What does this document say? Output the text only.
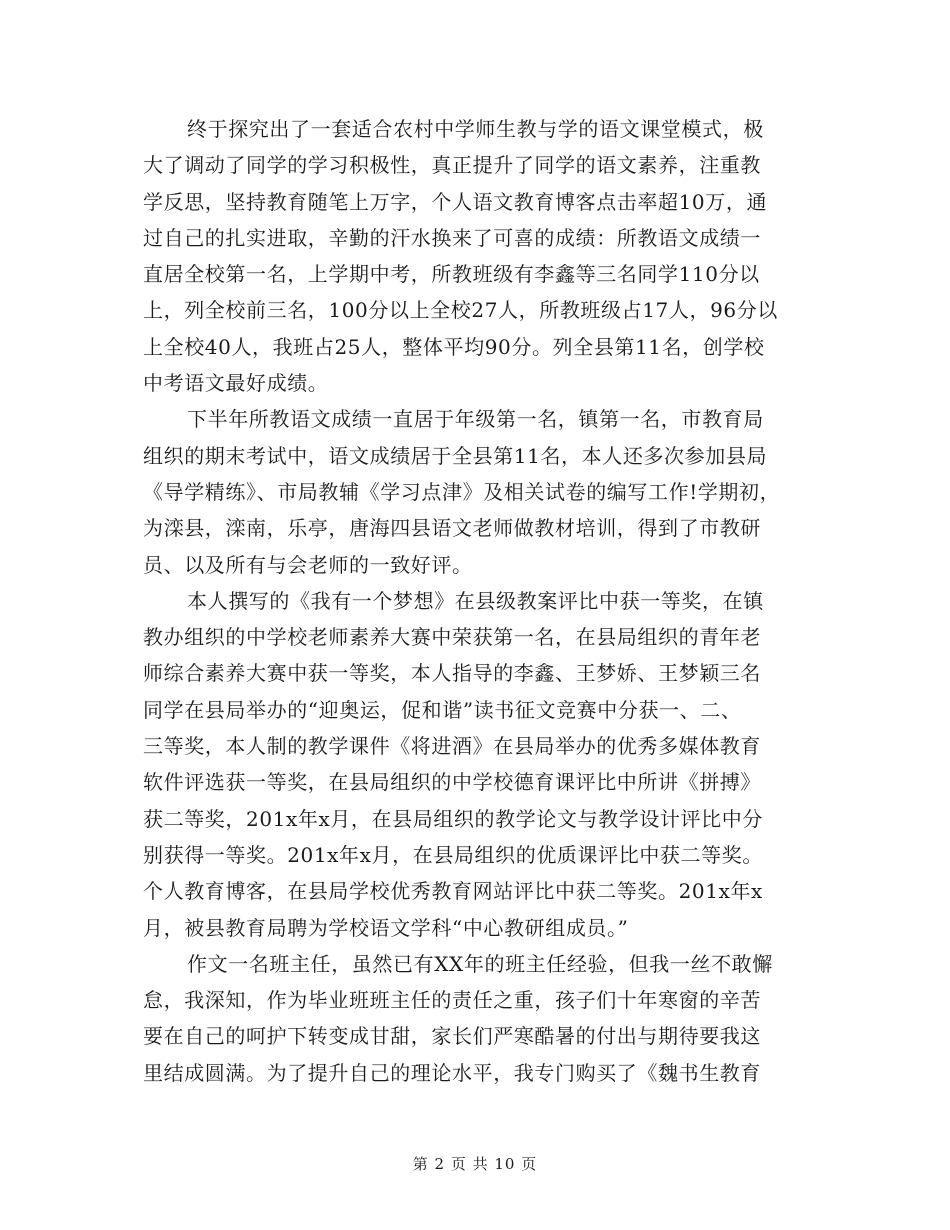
终于探究出了一套适合农村中学师生教与学的语文课堂模式，极
大了调动了同学的学习积极性，真正提升了同学的语文素养，注重教
学反思，坚持教育随笔上万字，个人语文教育博客点击率超10万，通
过自己的扎实进取，辛勤的汗水换来了可喜的成绩：所教语文成绩一
直居全校第一名，上学期中考，所教班级有李鑫等三名同学110分以
上，列全校前三名，100分以上全校27人，所教班级占17人，96分以
上全校40人，我班占25人，整体平均90分。列全县第11名，创学校
中考语文最好成绩。
下半年所教语文成绩一直居于年级第一名，镇第一名，市教育局
组织的期末考试中，语文成绩居于全县第11名，本人还多次参加县局
《导学精练》、市局教辅《学习点津》及相关试卷的编写工作!学期初，
为滦县，滦南，乐亭，唐海四县语文老师做教材培训，得到了市教研
员、以及所有与会老师的一致好评。
本人撰写的《我有一个梦想》在县级教案评比中获一等奖，在镇
教办组织的中学校老师素养大赛中荣获第一名，在县局组织的青年老
师综合素养大赛中获一等奖，本人指导的李鑫、王梦娇、王梦颖三名
同学在县局举办的“迎奥运，促和谐”读书征文竞赛中分获一、二、
三等奖，本人制的教学课件《将进酒》在县局举办的优秀多媒体教育
软件评选获一等奖，在县局组织的中学校德育课评比中所讲《拼搏》
获二等奖，201x年x月，在县局组织的教学论文与教学设计评比中分
别获得一等奖。201x年x月，在县局组织的优质课评比中获二等奖。
个人教育博客，在县局学校优秀教育网站评比中获二等奖。201x年x
月，被县教育局聘为学校语文学科“中心教研组成员。”
作文一名班主任，虽然已有XX年的班主任经验，但我一丝不敢懈
怠，我深知，作为毕业班班主任的责任之重，孩子们十年寒窗的辛苦
要在自己的呵护下转变成甘甜，家长们严寒酷暑的付出与期待要我这
里结成圆满。为了提升自己的理论水平，我专门购买了《魏书生教育
第 2 页 共 10 页
